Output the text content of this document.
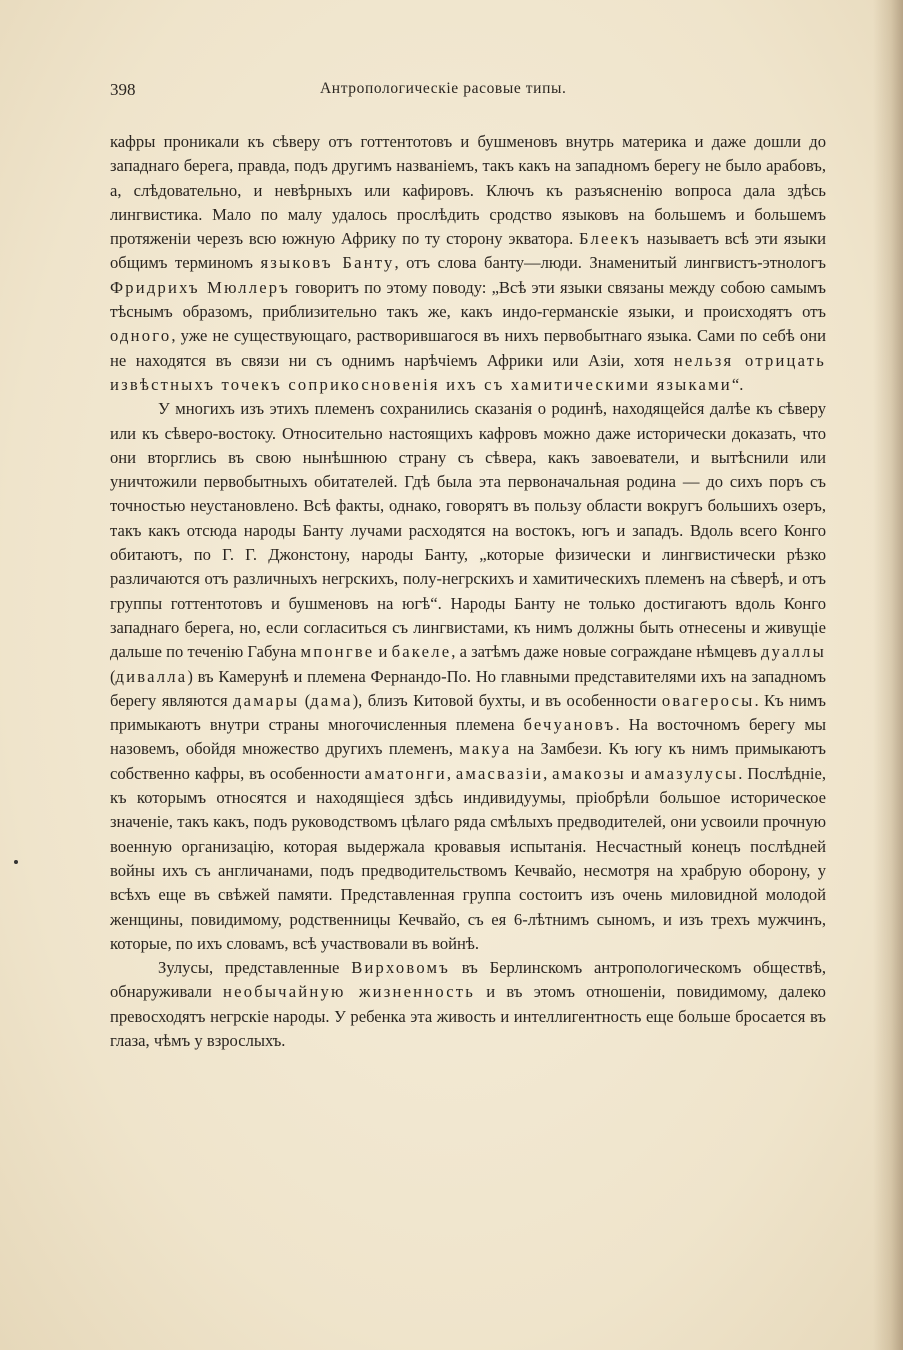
398	Антропологическіе расовые типы.

кафры проникали къ сѣверу отъ готтентотовъ и бушменовъ внутрь материка и даже дошли до западнаго берега, правда, подъ другимъ названіемъ, такъ какъ на западномъ берегу не было арабовъ, а, слѣдовательно, и невѣрныхъ или кафировъ. Ключъ къ разъясненію вопроса дала здѣсь лингвистика. Мало по малу удалось прослѣдить сродство языковъ на большемъ и большемъ протяженіи черезъ всю южную Африку по ту сторону экватора. Блеекъ называетъ всѣ эти языки общимъ терминомъ языковъ Банту, отъ слова банту—люди. Знаменитый лингвистъ-этнологъ Фридрихъ Мюллеръ говоритъ по этому поводу: „Всѣ эти языки связаны между собою самымъ тѣснымъ образомъ, приблизительно такъ же, какъ индо-германскіе языки, и происходятъ отъ одного, уже не существующаго, растворившагося въ нихъ первобытнаго языка. Сами по себѣ они не находятся въ связи ни съ однимъ нарѣчіемъ Африки или Азіи, хотя нельзя отрицать извѣстныхъ точекъ соприкосновенія ихъ съ хамитическими языками“.

У многихъ изъ этихъ племенъ сохранились сказанія о родинѣ, находящейся далѣе къ сѣверу или къ сѣверо-востоку. Относительно настоящихъ кафровъ можно даже исторически доказать, что они вторглись въ свою нынѣшнюю страну съ сѣвера, какъ завоеватели, и вытѣснили или уничтожили первобытныхъ обитателей. Гдѣ была эта первоначальная родина — до сихъ поръ съ точностью неустановлено. Всѣ факты, однако, говорятъ въ пользу области вокругъ большихъ озеръ, такъ какъ отсюда народы Банту лучами расходятся на востокъ, югъ и западъ. Вдоль всего Конго обитаютъ, по Г. Г. Джонстону, народы Банту, „которые физически и лингвистически рѣзко различаются отъ различныхъ негрскихъ, полу-негрскихъ и хамитическихъ племенъ на сѣверѣ, и отъ группы готтентотовъ и бушменовъ на югѣ“. Народы Банту не только достигаютъ вдоль Конго западнаго берега, но, если согласиться съ лингвистами, къ нимъ должны быть отнесены и живущіе дальше по теченію Габуна мпонгве и бакеле, а затѣмъ даже новые согражданe нѣмцевъ дуаллы (диваллa) въ Камерунѣ и племена Фернандо-По. Но главными представителями ихъ на западномъ берегу являются дамары (дама), близъ Китовой бухты, и въ особенности овагеросы. Къ нимъ примыкаютъ внутри страны многочисленныя племена бечуановъ. На восточномъ берегу мы назовемъ, обойдя множество другихъ племенъ, макуа на Замбези. Къ югу къ нимъ примыкаютъ собственно кафры, въ особенности аматонги, амасвазіи, амакозы и амазулусы. Послѣдніе, къ которымъ относятся и находящіеся здѣсь индивидуумы, пріобрѣли большое историческое значеніе, такъ какъ, подъ руководствомъ цѣлаго ряда смѣлыхъ предводителей, они усвоили прочную военную организацію, которая выдержала кровавыя испытанія. Несчастный конецъ послѣдней войны ихъ съ англичанами, подъ предводительствомъ Кечвайо, несмотря на храбрую оборону, у всѣхъ еще въ свѣжей памяти. Представленная группа состоитъ изъ очень миловидной молодой женщины, повидимому, родственницы Кечвайо, съ ея 6-лѣтнимъ сыномъ, и изъ трехъ мужчинъ, которые, по ихъ словамъ, всѣ участвовали въ войнѣ.

Зулусы, представленные Вирховомъ въ Берлинскомъ антропологическомъ обществѣ, обнаруживали необычайную жизненность и въ этомъ отношеніи, повидимому, далеко превосходятъ негрскіе народы. У ребенка эта живость и интеллигентность еще больше бросается въ глаза, чѣмъ у взрослыхъ.
